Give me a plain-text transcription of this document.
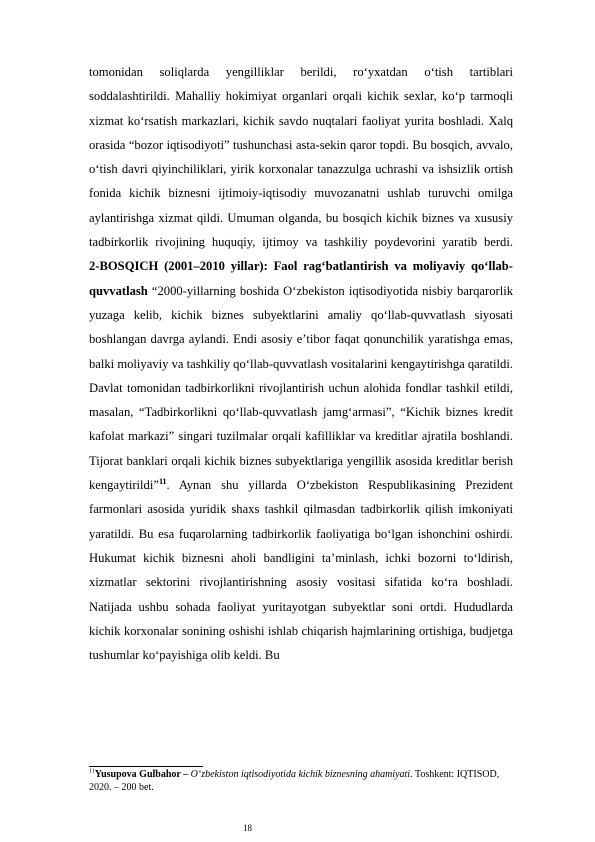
tomonidan soliqlarda yengilliklar berildi, ro‘yxatdan o‘tish tartiblari soddalashtirildi. Mahalliy hokimiyat organlari orqali kichik sexlar, ko‘p tarmoqli xizmat ko‘rsatish markazlari, kichik savdo nuqtalari faoliyat yurita boshladi. Xalq orasida “bozor iqtisodiyoti” tushunchasi asta-sekin qaror topdi. Bu bosqich, avvalo, o‘tish davri qiyinchiliklari, yirik korxonalar tanazzulga uchrashi va ishsizlik ortish fonida kichik biznesni ijtimoiy-iqtisodiy muvozanatni ushlab turuvchi omilga aylantirishga xizmat qildi. Umuman olganda, bu bosqich kichik biznes va xususiy tadbirkorlik rivojining huquqiy, ijtimoy va tashkiliy poydevorini yaratib berdi.

2-BOSQICH (2001–2010 yillar): Faol rag‘batlantirish va moliyaviy qo‘llab-quvvatlash “2000-yillarning boshida O‘zbekiston iqtisodiyotida nisbiy barqarorlik yuzaga kelib, kichik biznes subyektlarini amaliy qo‘llab-quvvatlash siyosati boshlangan davrga aylandi. Endi asosiy e’tibor faqat qonunchilik yaratishga emas, balki moliyaviy va tashkiliy qo‘llab-quvvatlash vositalarini kengaytirishga qaratildi. Davlat tomonidan tadbirkorlikni rivojlantirish uchun alohida fondlar tashkil etildi, masalan, “Tadbirkorlikni qo‘llab-quvvatlash jamg‘armasi”, “Kichik biznes kredit kafolat markazi” singari tuzilmalar orqali kafilliklar va kreditlar ajratila boshlandi. Tijorat banklari orqali kichik biznes subyektlariga yengillik asosida kreditlar berish kengaytirildi”$^{11}$. Aynan shu yillarda O‘zbekiston Respublikasining Prezident farmonlari asosida yuridik shaxs tashkil qilmasdan tadbirkorlik qilish imkoniyati yaratildi. Bu esa fuqarolarning tadbirkorlik faoliyatiga bo‘lgan ishonchini oshirdi. Hukumat kichik biznesni aholi bandligini ta’minlash, ichki bozorni to‘ldirish, xizmatlar sektorini rivojlantirishning asosiy vositasi sifatida ko‘ra boshladi. Natijada ushbu sohada faoliyat yuritayotgan subyektlar soni ortdi. Hududlarda kichik korxonalar sonining oshishi ishlab chiqarish hajmlarining ortishiga, budjetga tushumlar ko‘payishiga olib keldi. Bu

$^{11}$Yusupova Gulbahor – O‘zbekiston iqtisodiyotida kichik biznesning ahamiyati. Toshkent: IQTISOD, 2020. – 200 bet.

18
